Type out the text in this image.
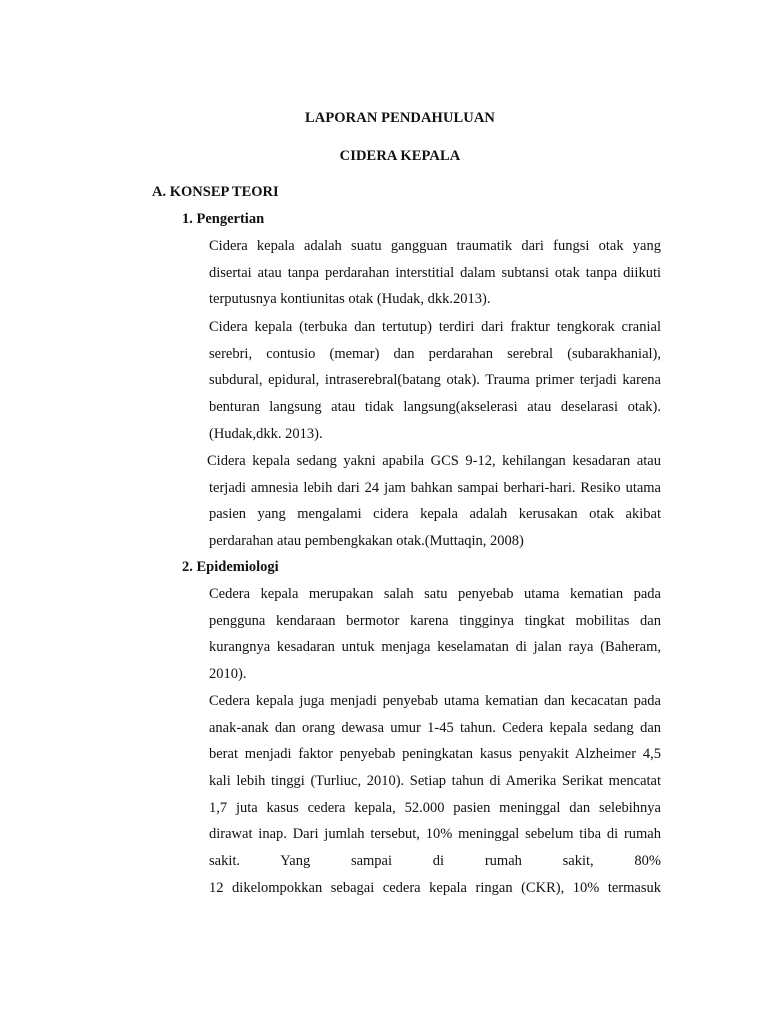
LAPORAN PENDAHULUAN
CIDERA KEPALA
A. KONSEP TEORI
1. Pengertian
Cidera kepala adalah suatu gangguan traumatik dari fungsi otak yang
disertai atau tanpa perdarahan interstitial dalam subtansi otak tanpa diikuti
terputusnya kontiunitas otak (Hudak, dkk.2013).
Cidera kepala (terbuka dan tertutup) terdiri dari fraktur tengkorak cranial
serebri, contusio (memar) dan perdarahan serebral (subarakhanial),
subdural, epidural, intraserebral(batang otak). Trauma primer terjadi karena
benturan langsung atau tidak langsung(akselerasi atau deselarasi otak).
(Hudak,dkk. 2013).
Cidera kepala sedang yakni apabila GCS 9-12, kehilangan kesadaran atau
terjadi amnesia lebih dari 24 jam bahkan sampai berhari-hari. Resiko utama
pasien yang mengalami cidera kepala adalah kerusakan otak akibat
perdarahan atau pembengkakan otak.(Muttaqin, 2008)
2. Epidemiologi
Cedera kepala merupakan salah satu penyebab utama kematian pada
pengguna kendaraan bermotor karena tingginya tingkat mobilitas dan
kurangnya kesadaran untuk menjaga keselamatan di jalan raya (Baheram,
2010).
Cedera kepala juga menjadi penyebab utama kematian dan kecacatan pada
anak-anak dan orang dewasa umur 1-45 tahun. Cedera kepala sedang dan
berat menjadi faktor penyebab peningkatan kasus penyakit Alzheimer 4,5
kali lebih tinggi (Turliuc, 2010). Setiap tahun di Amerika Serikat mencatat
1,7 juta kasus cedera kepala, 52.000 pasien meninggal dan selebihnya
dirawat inap. Dari jumlah tersebut, 10% meninggal sebelum tiba di rumah
sakit. Yang sampai di rumah sakit, 80%
12 dikelompokkan sebagai cedera kepala ringan (CKR), 10% termasuk
